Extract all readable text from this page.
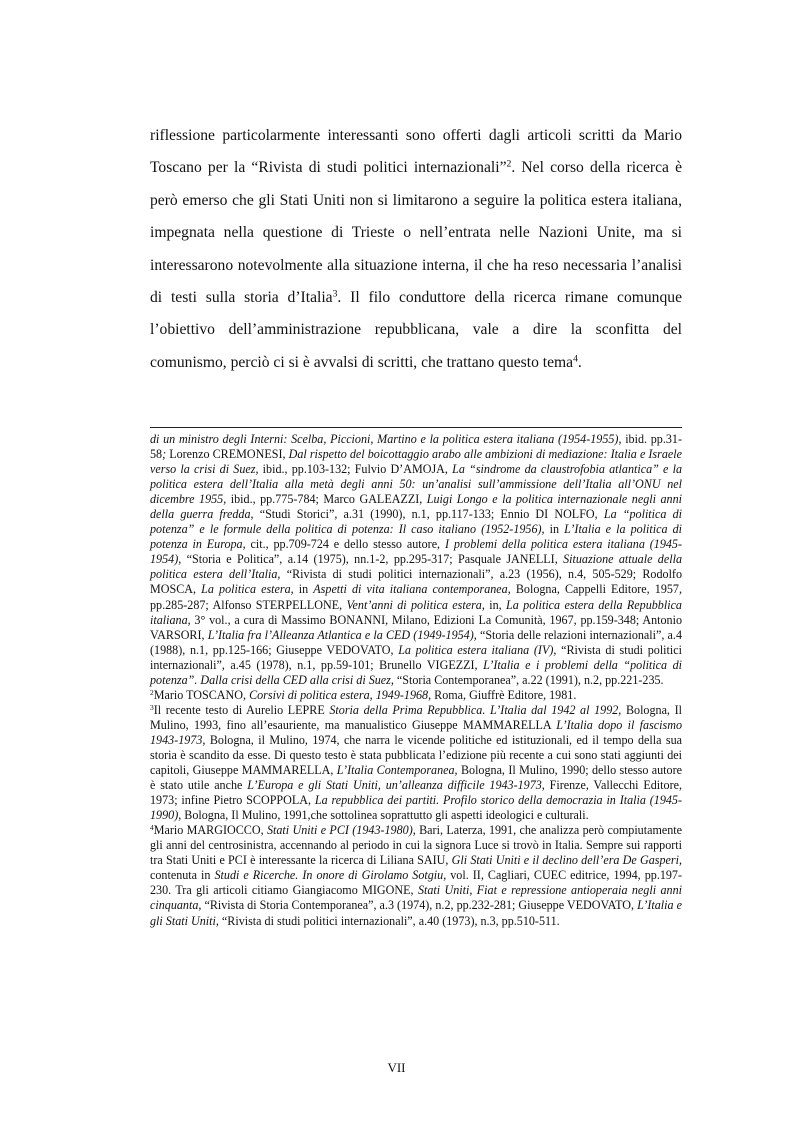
riflessione particolarmente interessanti sono offerti dagli articoli scritti da Mario Toscano per la “Rivista di studi politici internazionali”$^2$. Nel corso della ricerca è però emerso che gli Stati Uniti non si limitarono a seguire la politica estera italiana, impegnata nella questione di Trieste o nell’entrata nelle Nazioni Unite, ma si interessarono notevolmente alla situazione interna, il che ha reso necessaria l’analisi di testi sulla storia d’Italia$^3$. Il filo conduttore della ricerca rimane comunque l’obiettivo dell’amministrazione repubblicana, vale a dire la sconfitta del comunismo, perciò ci si è avvalsi di scritti, che trattano questo tema$^4$.

di un ministro degli Interni: Scelba, Piccioni, Martino e la politica estera italiana (1954-1955), ibid. pp.31-58; Lorenzo CREMONESI, Dal rispetto del boicottaggio arabo alle ambizioni di mediazione: Italia e Israele verso la crisi di Suez, ibid., pp.103-132; Fulvio D’AMOJA, La “sindrome da claustrofobia atlantica” e la politica estera dell’Italia alla metà degli anni 50: un’analisi sull’ammissione dell’Italia all’ONU nel dicembre 1955, ibid., pp.775-784; Marco GALEAZZI, Luigi Longo e la politica internazionale negli anni della guerra fredda, “Studi Storici”, a.31 (1990), n.1, pp.117-133; Ennio DI NOLFO, La “politica di potenza” e le formule della politica di potenza: Il caso italiano (1952-1956), in L’Italia e la politica di potenza in Europa, cit., pp.709-724 e dello stesso autore, I problemi della politica estera italiana (1945-1954), “Storia e Politica”, a.14 (1975), nn.1-2, pp.295-317; Pasquale JANELLI, Situazione attuale della politica estera dell’Italia, “Rivista di studi politici internazionali”, a.23 (1956), n.4, 505-529; Rodolfo MOSCA, La politica estera, in Aspetti di vita italiana contemporanea, Bologna, Cappelli Editore, 1957, pp.285-287; Alfonso STERPELLONE, Vent’anni di politica estera, in, La politica estera della Repubblica italiana, 3° vol., a cura di Massimo BONANNI, Milano, Edizioni La Comunità, 1967, pp.159-348; Antonio VARSORI, L’Italia fra l’Alleanza Atlantica e la CED (1949-1954), “Storia delle relazioni internazionali”, a.4 (1988), n.1, pp.125-166; Giuseppe VEDOVATO, La politica estera italiana (IV), “Rivista di studi politici internazionali”, a.45 (1978), n.1, pp.59-101; Brunello VIGEZZI, L’Italia e i problemi della “politica di potenza”. Dalla crisi della CED alla crisi di Suez, “Storia Contemporanea”, a.22 (1991), n.2, pp.221-235.

$^2$Mario TOSCANO, Corsivi di politica estera, 1949-1968, Roma, Giuffrè Editore, 1981.

$^3$Il recente testo di Aurelio LEPRE Storia della Prima Repubblica. L’Italia dal 1942 al 1992, Bologna, Il Mulino, 1993, fino all’esauriente, ma manualistico Giuseppe MAMMARELLA L’Italia dopo il fascismo 1943-1973, Bologna, il Mulino, 1974, che narra le vicende politiche ed istituzionali, ed il tempo della sua storia è scandito da esse. Di questo testo è stata pubblicata l’edizione più recente a cui sono stati aggiunti dei capitoli, Giuseppe MAMMARELLA, L’Italia Contemporanea, Bologna, Il Mulino, 1990; dello stesso autore è stato utile anche L’Europa e gli Stati Uniti, un’alleanza difficile 1943-1973, Firenze, Vallecchi Editore, 1973; infine Pietro SCOPPOLA, La repubblica dei partiti. Profilo storico della democrazia in Italia (1945-1990), Bologna, Il Mulino, 1991,che sottolinea soprattutto gli aspetti ideologici e culturali.

$^4$Mario MARGIOCCO, Stati Uniti e PCI (1943-1980), Bari, Laterza, 1991, che analizza però compiutamente gli anni del centrosinistra, accennando al periodo in cui la signora Luce si trovò in Italia. Sempre sui rapporti tra Stati Uniti e PCI è interessante la ricerca di Liliana SAIU, Gli Stati Uniti e il declino dell’era De Gasperi, contenuta in Studi e Ricerche. In onore di Girolamo Sotgiu, vol. II, Cagliari, CUEC editrice, 1994, pp.197-230. Tra gli articoli citiamo Giangiacomo MIGONE, Stati Uniti, Fiat e repressione antioperaia negli anni cinquanta, “Rivista di Storia Contemporanea”, a.3 (1974), n.2, pp.232-281; Giuseppe VEDOVATO, L’Italia e gli Stati Uniti, “Rivista di studi politici internazionali”, a.40 (1973), n.3, pp.510-511.

VII
